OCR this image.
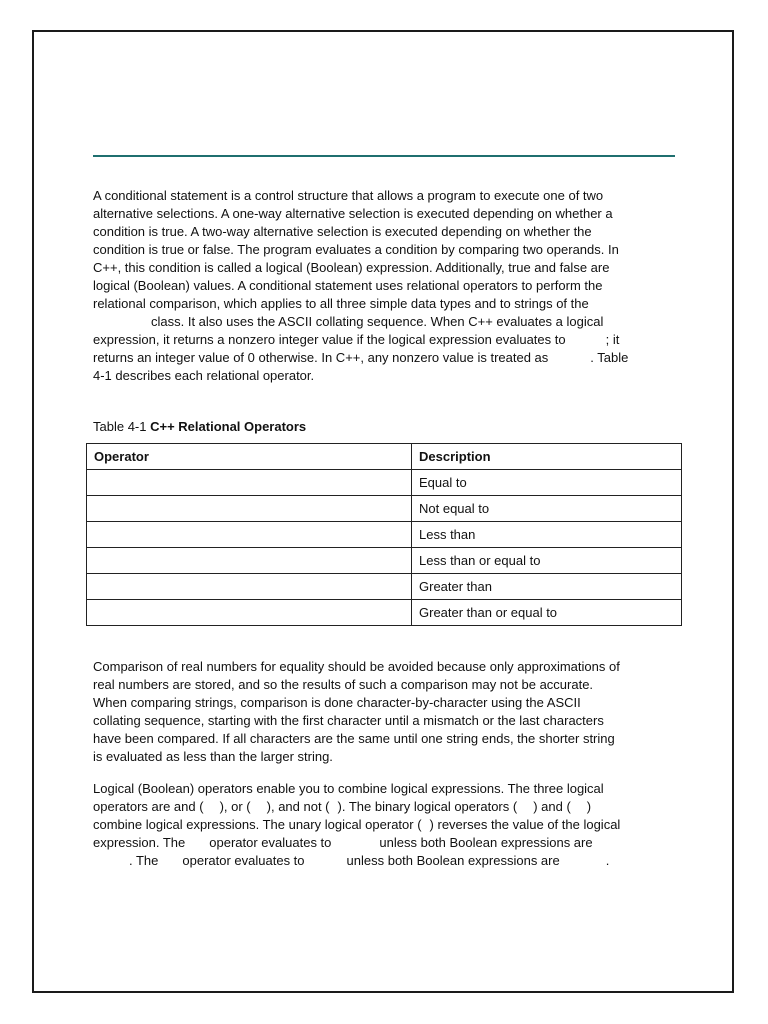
A conditional statement is a control structure that allows a program to execute one of two
alternative selections. A one-way alternative selection is executed depending on whether a
condition is true. A two-way alternative selection is executed depending on whether the
condition is true or false. The program evaluates a condition by comparing two operands. In
C++, this condition is called a logical (Boolean) expression. Additionally, true and false are
logical (Boolean) values. A conditional statement uses relational operators to perform the
relational comparison, which applies to all three simple data types and to strings of the
class. It also uses the ASCII collating sequence. When C++ evaluates a logical
expression, it returns a nonzero integer value if the logical expression evaluates to	; it
returns an integer value of 0 otherwise. In C++, any nonzero value is treated as	. Table
4-1 describes each relational operator.
Table 4-1 C++ Relational Operators
Operator	Description
	Equal to
	Not equal to
	Less than
	Less than or equal to
	Greater than
	Greater than or equal to
Comparison of real numbers for equality should be avoided because only approximations of
real numbers are stored, and so the results of such a comparison may not be accurate.
When comparing strings, comparison is done character-by-character using the ASCII
collating sequence, starting with the first character until a mismatch or the last characters
have been compared. If all characters are the same until one string ends, the shorter string
is evaluated as less than the larger string.
Logical (Boolean) operators enable you to combine logical expressions. The three logical
operators are and ( ), or ( ), and not ( ). The binary logical operators ( ) and ( )
combine logical expressions. The unary logical operator ( ) reverses the value of the logical
expression. The operator evaluates to	unless both Boolean expressions are
. The operator evaluates to	unless both Boolean expressions are	.
